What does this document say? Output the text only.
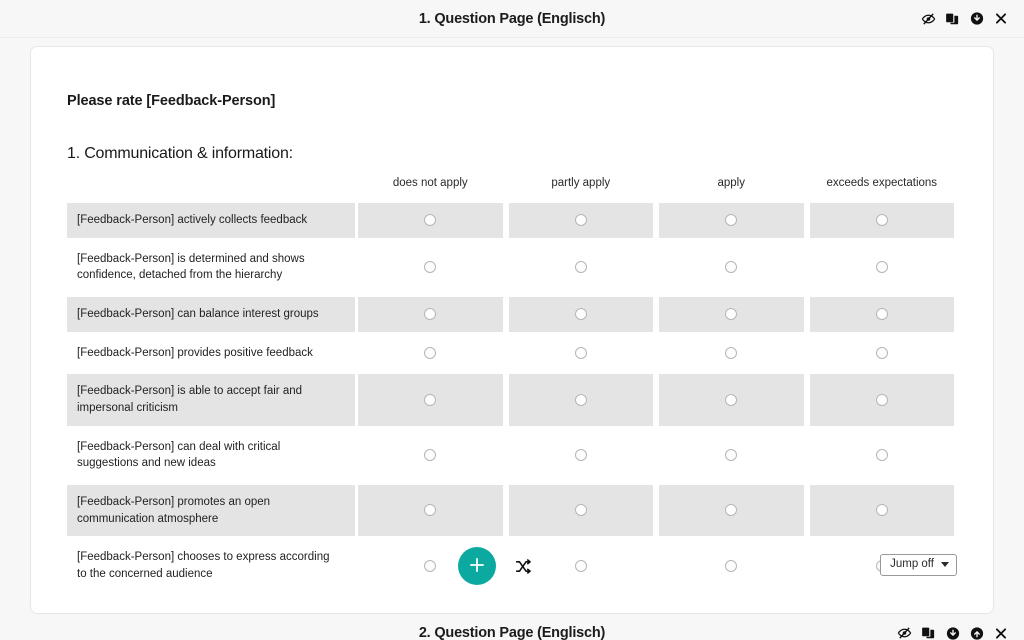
1. Question Page (Englisch)
Please rate [Feedback-Person]
1. Communication & information:
	does not apply	partly apply	apply	exceeds expectations
[Feedback-Person] actively collects feedback				
[Feedback-Person] is determined and shows confidence, detached from the hierarchy				
[Feedback-Person] can balance interest groups				
[Feedback-Person] provides positive feedback				
[Feedback-Person] is able to accept fair and impersonal criticism				
[Feedback-Person] can deal with critical suggestions and new ideas				
[Feedback-Person] promotes an open communication atmosphere				
[Feedback-Person] chooses to express according to the concerned audience				
Jump off
2. Question Page (Englisch)
